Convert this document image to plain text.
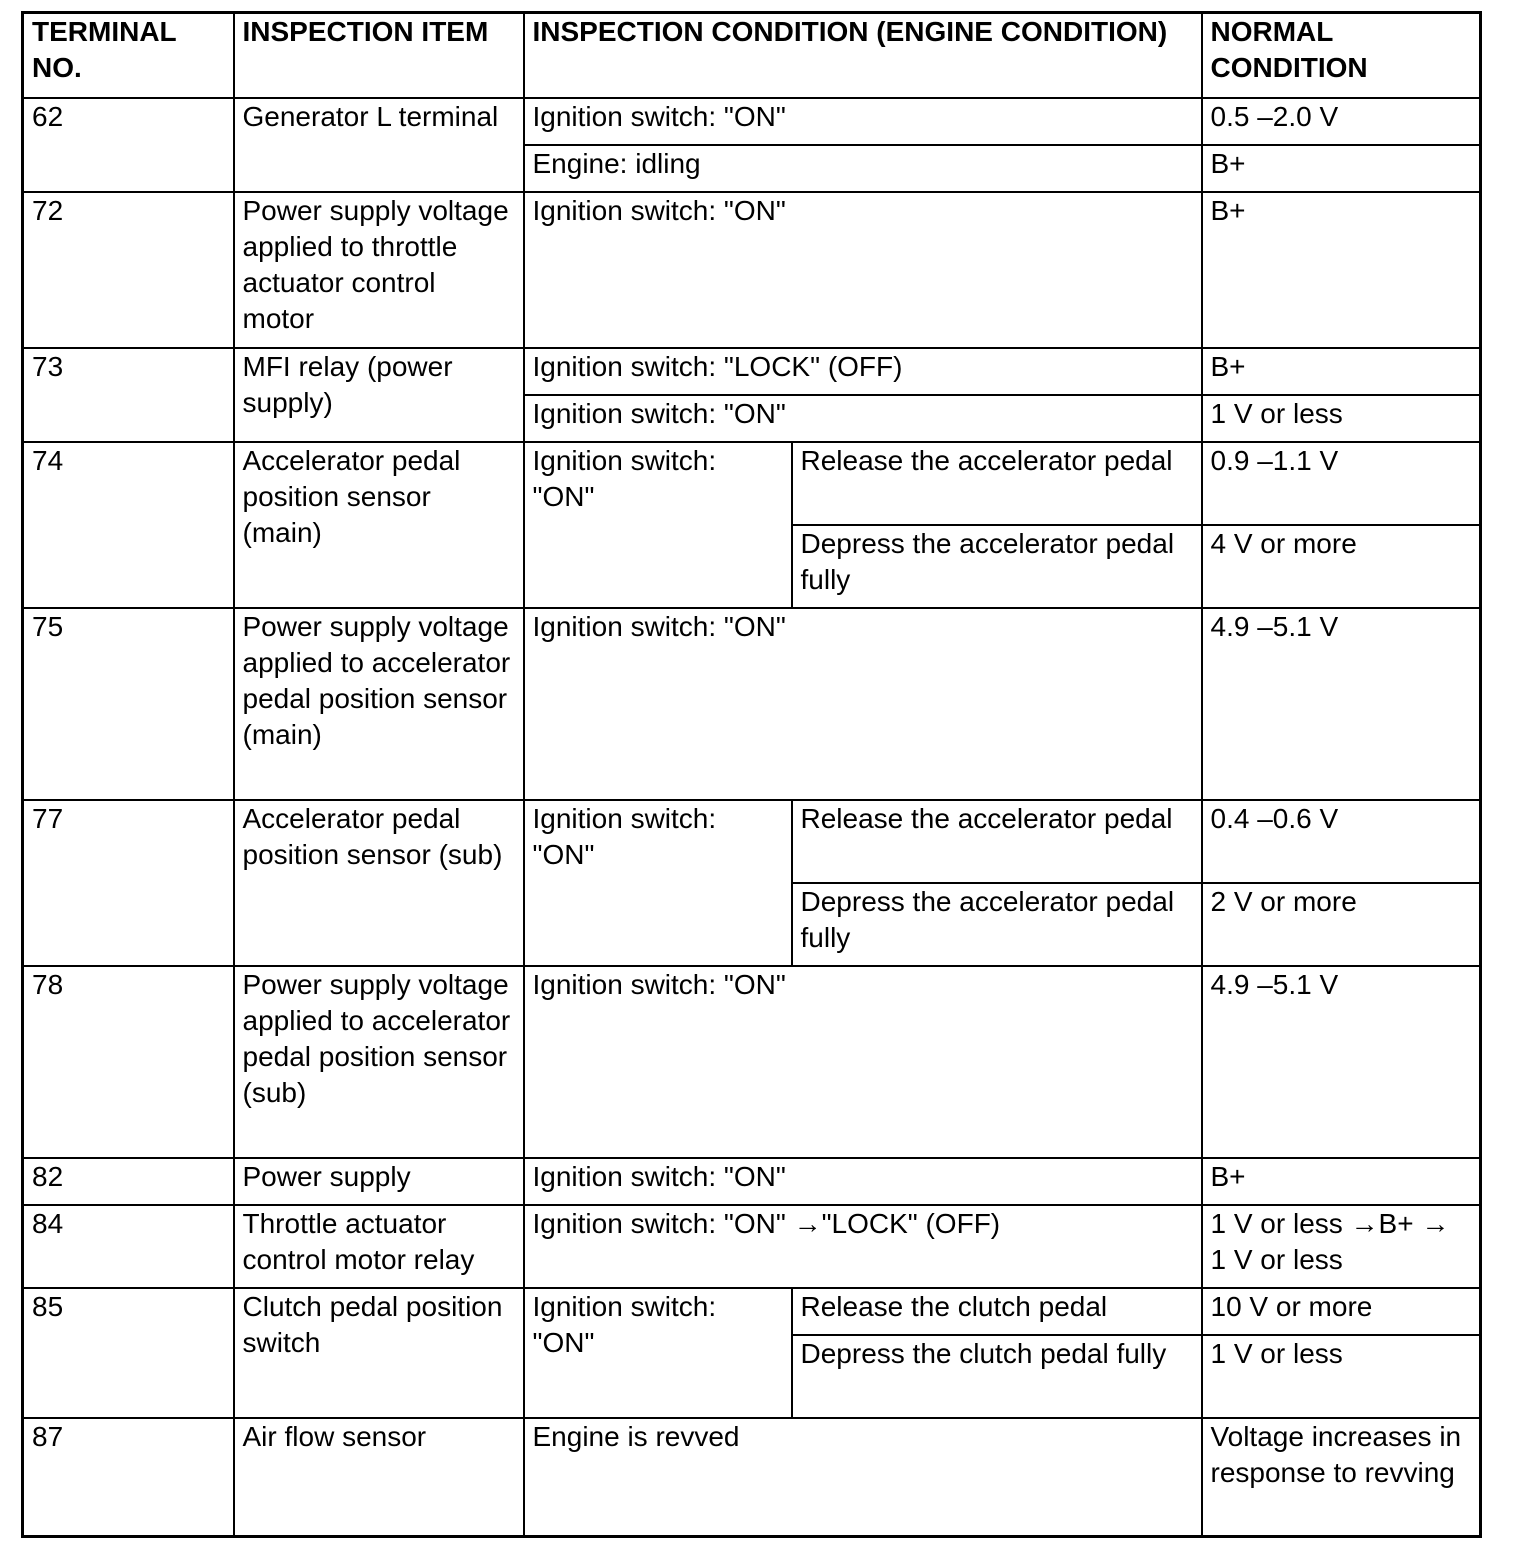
TERMINAL NO.	INSPECTION ITEM	INSPECTION CONDITION (ENGINE CONDITION)		NORMAL CONDITION
62	Generator L terminal	Ignition switch: "ON"		0.5 –2.0 V
		Engine: idling		B+
72	Power supply voltage applied to throttle actuator control motor	Ignition switch: "ON"		B+
73	MFI relay (power supply)	Ignition switch: "LOCK" (OFF)		B+
		Ignition switch: "ON"		1 V or less
74	Accelerator pedal position sensor (main)	Ignition switch: "ON"	Release the accelerator pedal	0.9 –1.1 V
			Depress the accelerator pedal fully	4 V or more
75	Power supply voltage applied to accelerator pedal position sensor (main)	Ignition switch: "ON"		4.9 –5.1 V
77	Accelerator pedal position sensor (sub)	Ignition switch: "ON"	Release the accelerator pedal	0.4 –0.6 V
			Depress the accelerator pedal fully	2 V or more
78	Power supply voltage applied to accelerator pedal position sensor (sub)	Ignition switch: "ON"		4.9 –5.1 V
82	Power supply	Ignition switch: "ON"		B+
84	Throttle actuator control motor relay	Ignition switch: "ON" →"LOCK" (OFF)		1 V or less →B+ → 1 V or less
85	Clutch pedal position switch	Ignition switch: "ON"	Release the clutch pedal	10 V or more
			Depress the clutch pedal fully	1 V or less
87	Air flow sensor	Engine is revved		Voltage increases in response to revving
